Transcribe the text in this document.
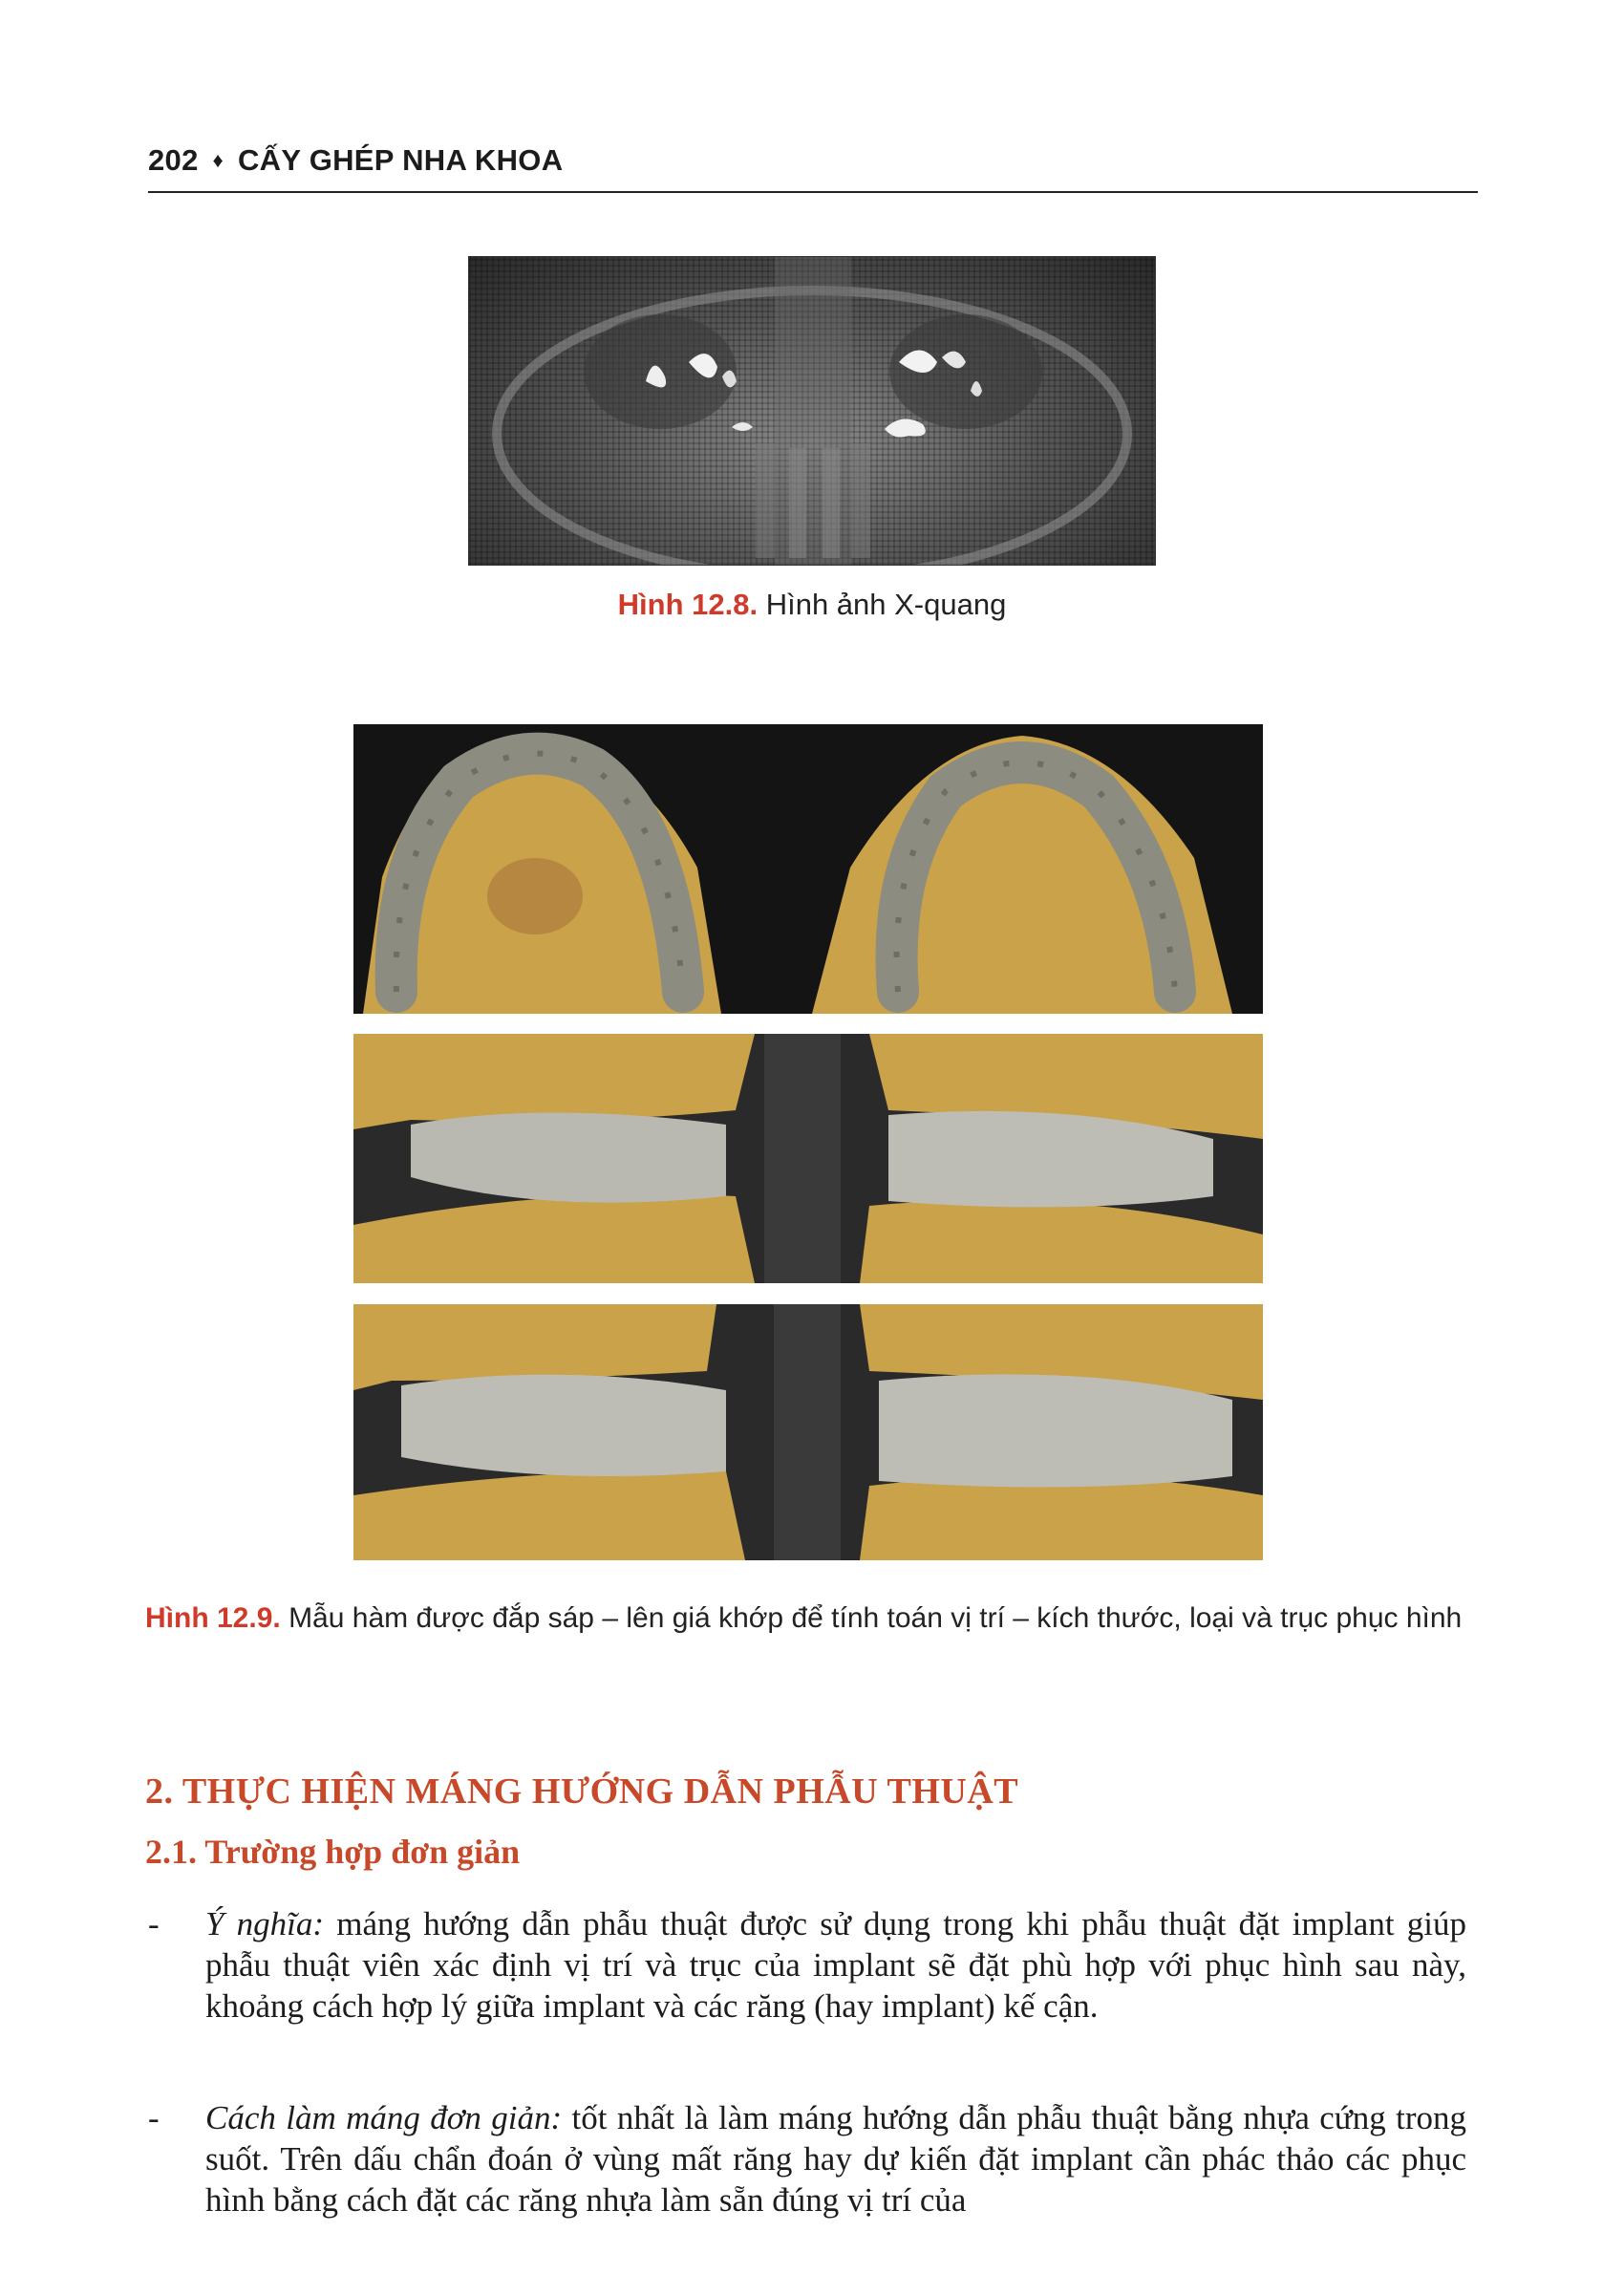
202 ♦ CẤY GHÉP NHA KHOA
Hình 12.8. Hình ảnh X-quang
Hình 12.9. Mẫu hàm được đắp sáp – lên giá khớp để tính toán vị trí – kích thước, loại và trục phục hình
2. THỰC HIỆN MÁNG HƯỚNG DẪN PHẪU THUẬT
2.1. Trường hợp đơn giản
- Ý nghĩa: máng hướng dẫn phẫu thuật được sử dụng trong khi phẫu thuật đặt implant giúp phẫu thuật viên xác định vị trí và trục của implant sẽ đặt phù hợp với phục hình sau này, khoảng cách hợp lý giữa implant và các răng (hay implant) kế cận.
- Cách làm máng đơn giản: tốt nhất là làm máng hướng dẫn phẫu thuật bằng nhựa cứng trong suốt. Trên dấu chẩn đoán ở vùng mất răng hay dự kiến đặt implant cần phác thảo các phục hình bằng cách đặt các răng nhựa làm sẵn đúng vị trí của
